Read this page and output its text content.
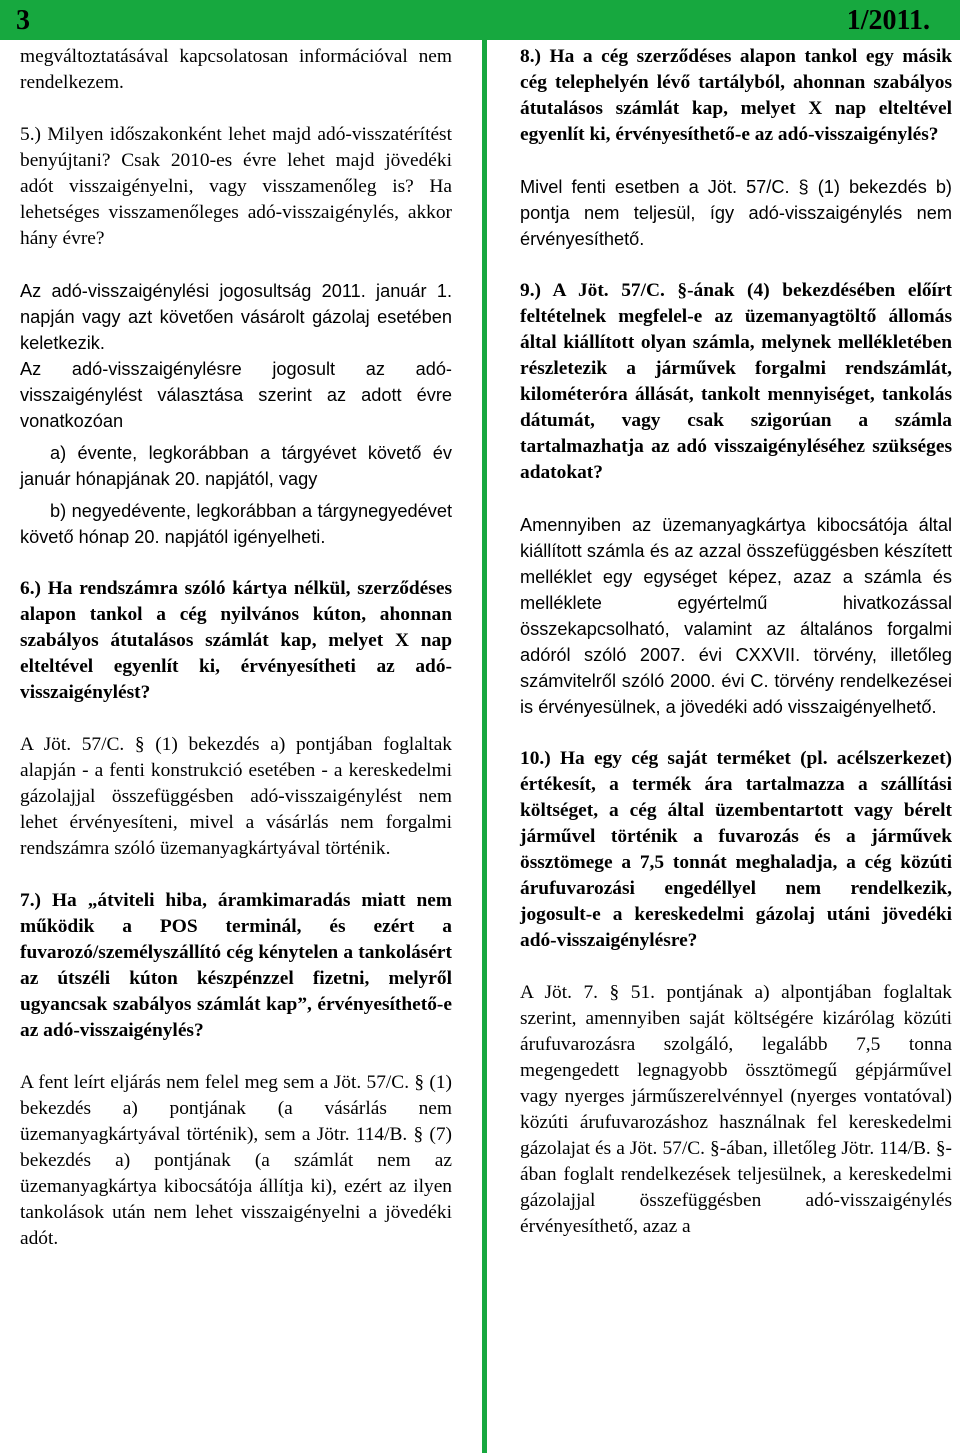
3	1/2011.

megváltoztatásával kapcsolatosan információval nem rendelkezem.

5.) Milyen időszakonként lehet majd adó-visszatérítést benyújtani? Csak 2010-es évre lehet majd jövedéki adót visszaigényelni, vagy visszamenőleg is? Ha lehetséges visszamenőleges adó-visszaigénylés, akkor hány évre?

Az adó-visszaigénylési jogosultság 2011. január 1. napján vagy azt követően vásárolt gázolaj esetében keletkezik.

Az adó-visszaigénylésre jogosult az adó-visszaigénylést választása szerint az adott évre vonatkozóan

a) évente, legkorábban a tárgyévet követő év január hónapjának 20. napjától, vagy

b) negyedévente, legkorábban a tárgynegyedévet követő hónap 20. napjától igényelheti.

6.) Ha rendszámra szóló kártya nélkül, szerződéses alapon tankol a cég nyilvános kúton, ahonnan szabályos átutalásos számlát kap, melyet X nap elteltével egyenlít ki, érvényesítheti az adó-visszaigénylést?

A Jöt. 57/C. § (1) bekezdés a) pontjában foglaltak alapján - a fenti konstrukció esetében - a kereskedelmi gázolajjal összefüggésben adó-visszaigénylést nem lehet érvényesíteni, mivel a vásárlás nem forgalmi rendszámra szóló üzemanyagkártyával történik.

7.) Ha „átviteli hiba, áramkimaradás miatt nem működik a POS terminál, és ezért a fuvarozó/személyszállító cég kénytelen a tankolásért az útszéli kúton készpénzzel fizetni, melyről ugyancsak szabályos számlát kap”, érvényesíthető-e az adó-visszaigénylés?

A fent leírt eljárás nem felel meg sem a Jöt. 57/C. § (1) bekezdés a) pontjának (a vásárlás nem üzemanyagkártyával történik), sem a Jötr. 114/B. § (7) bekezdés a) pontjának (a számlát nem az üzemanyagkártya kibocsátója állítja ki), ezért az ilyen tankolások után nem lehet visszaigényelni a jövedéki adót.

8.) Ha a cég szerződéses alapon tankol egy másik cég telephelyén lévő tartályból, ahonnan szabályos átutalásos számlát kap, melyet X nap elteltével egyenlít ki, érvényesíthető-e az adó-visszaigénylés?

Mivel fenti esetben a Jöt. 57/C. § (1) bekezdés b) pontja nem teljesül, így adó-visszaigénylés nem érvényesíthető.

9.) A Jöt. 57/C. §-ának (4) bekezdésében előírt feltételnek megfelel-e az üzemanyagtöltő állomás által kiállított olyan számla, melynek mellékletében részletezik a járművek forgalmi rendszámlát, kilométeróra állását, tankolt mennyiséget, tankolás dátumát, vagy csak szigorúan a számla tartalmazhatja az adó visszaigényléséhez szükséges adatokat?

Amennyiben az üzemanyagkártya kibocsátója által kiállított számla és az azzal összefüggésben készített melléklet egy egységet képez, azaz a számla és melléklete egyértelmű hivatkozással összekapcsolható, valamint az általános forgalmi adóról szóló 2007. évi CXXVII. törvény, illetőleg számvitelről szóló 2000. évi C. törvény rendelkezései is érvényesülnek, a jövedéki adó visszaigényelhető.

10.) Ha egy cég saját terméket (pl. acélszerkezet) értékesít, a termék ára tartalmazza a szállítási költséget, a cég által üzembentartott vagy bérelt járművel történik a fuvarozás és a járművek össztömege a 7,5 tonnát meghaladja, a cég közúti árufuvarozási engedéllyel nem rendelkezik, jogosult-e a kereskedelmi gázolaj utáni jövedéki adó-visszaigénylésre?

A Jöt. 7. § 51. pontjának a) alpontjában foglaltak szerint, amennyiben saját költségére kizárólag közúti árufuvarozásra szolgáló, legalább 7,5 tonna megengedett legnagyobb össztömegű gépjárművel vagy nyerges járműszerelvénnyel (nyerges vontatóval) közúti árufuvarozáshoz használnak fel kereskedelmi gázolajat és a Jöt. 57/C. §-ában, illetőleg Jötr. 114/B. §-ában foglalt rendelkezések teljesülnek, a kereskedelmi gázolajjal összefüggésben adó-visszaigénylés érvényesíthető, azaz a
